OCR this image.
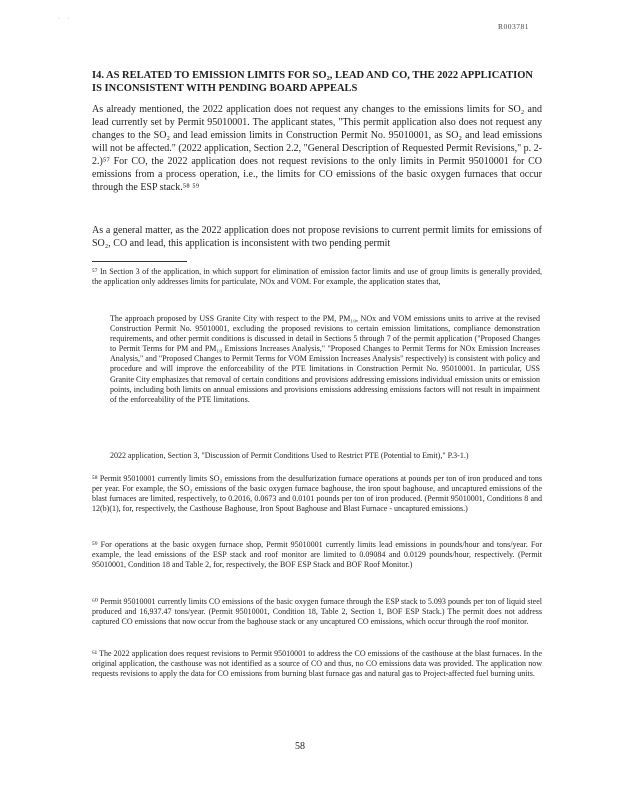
· ·
R003781
I4. AS RELATED TO EMISSION LIMITS FOR SO₂, LEAD AND CO, THE 2022 APPLICATION IS INCONSISTENT WITH PENDING BOARD APPEALS
As already mentioned, the 2022 application does not request any changes to the emissions limits for SO₂ and lead currently set by Permit 95010001. The applicant states, "This permit application also does not request any changes to the SO₂ and lead emission limits in Construction Permit No. 95010001, as SO₂ and lead emissions will not be affected." (2022 application, Section 2.2, "General Description of Requested Permit Revisions," p. 2-2.)⁵⁷ For CO, the 2022 application does not request revisions to the only limits in Permit 95010001 for CO emissions from a process operation, i.e., the limits for CO emissions of the basic oxygen furnaces that occur through the ESP stack.⁵⁸ ⁵⁹
As a general matter, as the 2022 application does not propose revisions to current permit limits for emissions of SO₂, CO and lead, this application is inconsistent with two pending permit
⁵⁷ In Section 3 of the application, in which support for elimination of emission factor limits and use of group limits is generally provided, the application only addresses limits for particulate, NOx and VOM. For example, the application states that,
The approach proposed by USS Granite City with respect to the PM, PM₁₀, NOx and VOM emissions units to arrive at the revised Construction Permit No. 95010001, excluding the proposed revisions to certain emission limitations, compliance demonstration requirements, and other permit conditions is discussed in detail in Sections 5 through 7 of the permit application ("Proposed Changes to Permit Terms for PM and PM₁₀ Emissions Increases Analysis," "Proposed Changes to Permit Terms for NOx Emission Increases Analysis," and "Proposed Changes to Permit Terms for VOM Emission Increases Analysis" respectively) is consistent with policy and procedure and will improve the enforceability of the PTE limitations in Construction Permit No. 95010001. In particular, USS Granite City emphasizes that removal of certain conditions and provisions addressing emissions individual emission units or emission points, including both limits on annual emissions and provisions emissions addressing emissions factors will not result in impairment of the enforceability of the PTE limitations.
2022 application, Section 3, "Discussion of Permit Conditions Used to Restrict PTE (Potential to Emit)," P.3-1.)
⁵⁸ Permit 95010001 currently limits SO₂ emissions from the desulfurization furnace operations at pounds per ton of iron produced and tons per year. For example, the SO₂ emissions of the basic oxygen furnace baghouse, the iron spout baghouse, and uncaptured emissions of the blast furnaces are limited, respectively, to 0.2016, 0.0673 and 0.0101 pounds per ton of iron produced. (Permit 95010001, Conditions 8 and 12(b)(1), for, respectively, the Casthouse Baghouse, Iron Spout Baghouse and Blast Furnace - uncaptured emissions.)
⁵⁹ For operations at the basic oxygen furnace shop, Permit 95010001 currently limits lead emissions in pounds/hour and tons/year. For example, the lead emissions of the ESP stack and roof monitor are limited to 0.09084 and 0.0129 pounds/hour, respectively. (Permit 95010001, Condition 18 and Table 2, for, respectively, the BOF ESP Stack and BOF Roof Monitor.)
⁶⁰ Permit 95010001 currently limits CO emissions of the basic oxygen furnace through the ESP stack to 5.093 pounds per ton of liquid steel produced and 16,937.47 tons/year. (Permit 95010001, Condition 18, Table 2, Section 1, BOF ESP Stack.) The permit does not address captured CO emissions that now occur from the baghouse stack or any uncaptured CO emissions, which occur through the roof monitor.
⁶¹ The 2022 application does request revisions to Permit 95010001 to address the CO emissions of the casthouse at the blast furnaces. In the original application, the casthouse was not identified as a source of CO and thus, no CO emissions data was provided. The application now requests revisions to apply the data for CO emissions from burning blast furnace gas and natural gas to Project-affected fuel burning units.
58
